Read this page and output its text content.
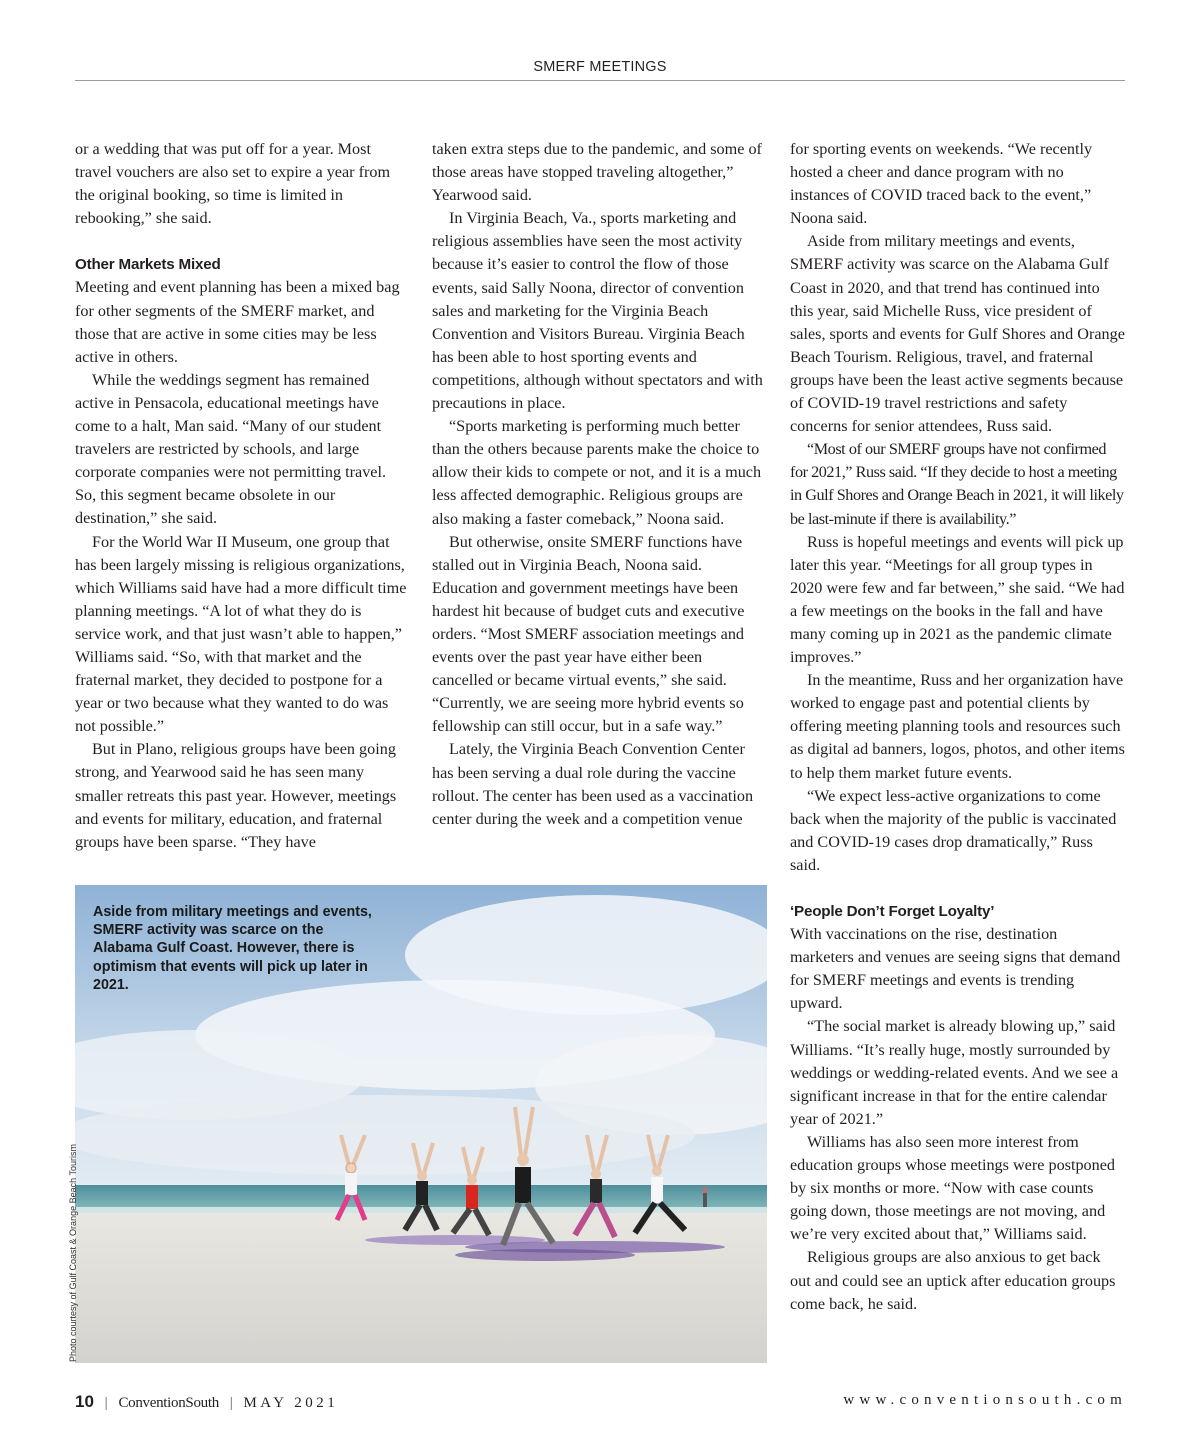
SMERF MEETINGS

or a wedding that was put off for a year. Most travel vouchers are also set to expire a year from the original booking, so time is limited in rebooking,” she said.

Other Markets Mixed

Meeting and event planning has been a mixed bag for other segments of the SMERF market, and those that are active in some cities may be less active in others.

While the weddings segment has remained active in Pensacola, educational meetings have come to a halt, Man said. “Many of our student travelers are restricted by schools, and large corporate companies were not permitting travel. So, this segment became obsolete in our destination,” she said.

For the World War II Museum, one group that has been largely missing is religious organizations, which Williams said have had a more difficult time planning meetings. “A lot of what they do is service work, and that just wasn’t able to happen,” Williams said. “So, with that market and the fraternal market, they decided to postpone for a year or two because what they wanted to do was not possible.”

But in Plano, religious groups have been going strong, and Yearwood said he has seen many smaller retreats this past year. However, meetings and events for military, education, and fraternal groups have been sparse. “They have

taken extra steps due to the pandemic, and some of those areas have stopped traveling altogether,” Yearwood said.

In Virginia Beach, Va., sports marketing and religious assemblies have seen the most activity because it’s easier to control the flow of those events, said Sally Noona, director of convention sales and marketing for the Virginia Beach Convention and Visitors Bureau. Virginia Beach has been able to host sporting events and competitions, although without spectators and with precautions in place.

“Sports marketing is performing much better than the others because parents make the choice to allow their kids to compete or not, and it is a much less affected demographic. Religious groups are also making a faster comeback,” Noona said.

But otherwise, onsite SMERF functions have stalled out in Virginia Beach, Noona said. Education and government meetings have been hardest hit because of budget cuts and executive orders. “Most SMERF association meetings and events over the past year have either been cancelled or became virtual events,” she said. “Currently, we are seeing more hybrid events so fellowship can still occur, but in a safe way.”

Lately, the Virginia Beach Convention Center has been serving a dual role during the vaccine rollout. The center has been used as a vaccination center during the week and a competition venue

for sporting events on weekends. “We recently hosted a cheer and dance program with no instances of COVID traced back to the event,” Noona said.

Aside from military meetings and events, SMERF activity was scarce on the Alabama Gulf Coast in 2020, and that trend has continued into this year, said Michelle Russ, vice president of sales, sports and events for Gulf Shores and Orange Beach Tourism. Religious, travel, and fraternal groups have been the least active segments because of COVID-19 travel restrictions and safety concerns for senior attendees, Russ said.

“Most of our SMERF groups have not confirmed for 2021,” Russ said. “If they decide to host a meeting in Gulf Shores and Orange Beach in 2021, it will likely be last-minute if there is availability.”

Russ is hopeful meetings and events will pick up later this year. “Meetings for all group types in 2020 were few and far between,” she said. “We had a few meetings on the books in the fall and have many coming up in 2021 as the pandemic climate improves.”

In the meantime, Russ and her organization have worked to engage past and potential clients by offering meeting planning tools and resources such as digital ad banners, logos, photos, and other items to help them market future events.

“We expect less-active organizations to come back when the majority of the public is vaccinated and COVID-19 cases drop dramatically,” Russ said.

‘People Don’t Forget Loyalty’

With vaccinations on the rise, destination marketers and venues are seeing signs that demand for SMERF meetings and events is trending upward.

“The social market is already blowing up,” said Williams. “It’s really huge, mostly surrounded by weddings or wedding-related events. And we see a significant increase in that for the entire calendar year of 2021.”

Williams has also seen more interest from education groups whose meetings were postponed by six months or more. “Now with case counts going down, those meetings are not moving, and we’re very excited about that,” Williams said.

Religious groups are also anxious to get back out and could see an uptick after education groups come back, he said.

Aside from military meetings and events, SMERF activity was scarce on the Alabama Gulf Coast. However, there is optimism that events will pick up later in 2021.
Photo courtesy of Gulf Coast & Orange Beach Tourism
10 | ConventionSouth | MAY 2021	www.conventionsouth.com
